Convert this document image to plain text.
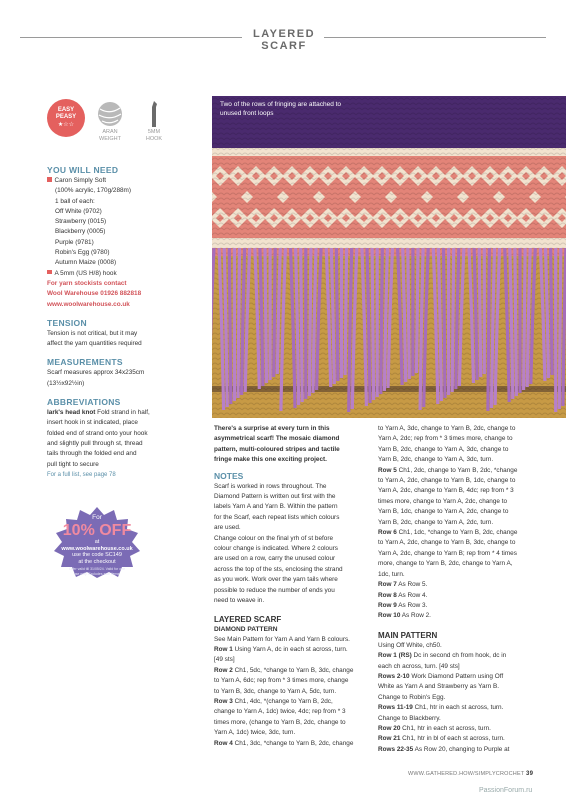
LAYERED SCARF
EASY
PEASY
★☆☆
ARAN
WEIGHT
5MM
HOOK
YOU WILL NEED
Caron Simply Soft
(100% acrylic, 170g/288m)
1 ball of each:
Off White (9702)
Strawberry (0015)
Blackberry (0005)
Purple (9781)
Robin's Egg (9780)
Autumn Maize (0008)
A 5mm (US H/8) hook
For yarn stockists contact
Wool Warehouse 01926 882818
www.woolwarehouse.co.uk
TENSION
Tension is not critical, but it may
affect the yarn quantities required
MEASUREMENTS
Scarf measures approx 34x235cm
(13½x92½in)
ABBREVIATIONS
lark's head knot Fold strand in half,
insert hook in st indicated, place
folded end of strand onto your hook
and slightly pull through st, thread
tails through the folded end and
pull tight to secure
For a full list, see page 78
For
10% OFF
at
www.woolwarehouse.co.uk
use the code SC149
at the checkout
Offer valid till 31/05/24. Valid for one
use only. Excludes sale items.
Two of the rows of fringing are attached to unused front loops
There's a surprise at every turn in this
asymmetrical scarf! The mosaic diamond
pattern, multi-coloured stripes and tactile
fringe make this one exciting project.
NOTES
Scarf is worked in rows throughout. The
Diamond Pattern is written out first with the
labels Yarn A and Yarn B. Within the pattern
for the Scarf, each repeat lists which colours
are used.
Change colour on the final yrh of st before
colour change is indicated. Where 2 colours
are used on a row, carry the unused colour
across the top of the sts, enclosing the strand
as you work. Work over the yarn tails where
possible to reduce the number of ends you
need to weave in.
LAYERED SCARF
DIAMOND PATTERN
See Main Pattern for Yarn A and Yarn B colours.
Row 1 Using Yarn A, dc in each st across, turn.
[49 sts]
Row 2 Ch1, 5dc, *change to Yarn B, 3dc, change
to Yarn A, 6dc; rep from * 3 times more, change
to Yarn B, 3dc, change to Yarn A, 5dc, turn.
Row 3 Ch1, 4dc, *(change to Yarn B, 2dc,
change to Yarn A, 1dc) twice, 4dc; rep from * 3
times more, (change to Yarn B, 2dc, change to
Yarn A, 1dc) twice, 3dc, turn.
Row 4 Ch1, 3dc, *change to Yarn B, 2dc, change
to Yarn A, 3dc, change to Yarn B, 2dc, change to
Yarn A, 2dc; rep from * 3 times more, change to
Yarn B, 2dc, change to Yarn A, 3dc, change to
Yarn B, 2dc, change to Yarn A, 3dc, turn.
Row 5 Ch1, 2dc, change to Yarn B, 2dc, *change
to Yarn A, 2dc, change to Yarn B, 1dc, change to
Yarn A, 2dc, change to Yarn B, 4dc; rep from * 3
times more, change to Yarn A, 2dc, change to
Yarn B, 1dc, change to Yarn A, 2dc, change to
Yarn B, 2dc, change to Yarn A, 2dc, turn.
Row 6 Ch1, 1dc, *change to Yarn B, 2dc, change
to Yarn A, 2dc, change to Yarn B, 3dc, change to
Yarn A, 2dc, change to Yarn B; rep from * 4 times
more, change to Yarn B, 2dc, change to Yarn A,
1dc, turn.
Row 7 As Row 5.
Row 8 As Row 4.
Row 9 As Row 3.
Row 10 As Row 2.
MAIN PATTERN
Using Off White, ch50.
Row 1 (RS) Dc in second ch from hook, dc in
each ch across, turn. [49 sts]
Rows 2-10 Work Diamond Pattern using Off
White as Yarn A and Strawberry as Yarn B.
Change to Robin's Egg.
Rows 11-19 Ch1, htr in each st across, turn.
Change to Blackberry.
Row 20 Ch1, htr in each st across, turn.
Row 21 Ch1, htr in bl of each st across, turn.
Rows 22-35 As Row 20, changing to Purple at
WWW.GATHERED.HOW/SIMPLYCROCHET 39
PassionForum.ru
